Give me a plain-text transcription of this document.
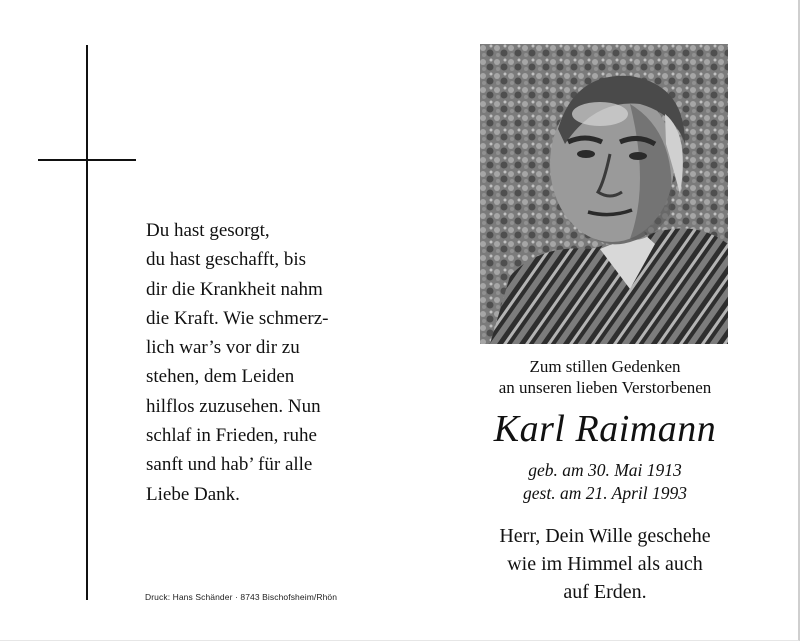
Du hast gesorgt,
du hast geschafft, bis
dir die Krankheit nahm
die Kraft. Wie schmerz-
lich war’s vor dir zu
stehen, dem Leiden
hilflos zuzusehen. Nun
schlaf in Frieden, ruhe
sanft und hab’ für alle
Liebe Dank.
Druck: Hans Schänder · 8743 Bischofsheim/Rhön
Zum stillen Gedenken
an unseren lieben Verstorbenen
Karl Raimann
geb. am 30. Mai 1913
gest. am 21. April 1993
Herr, Dein Wille geschehe
wie im Himmel als auch
auf Erden.
